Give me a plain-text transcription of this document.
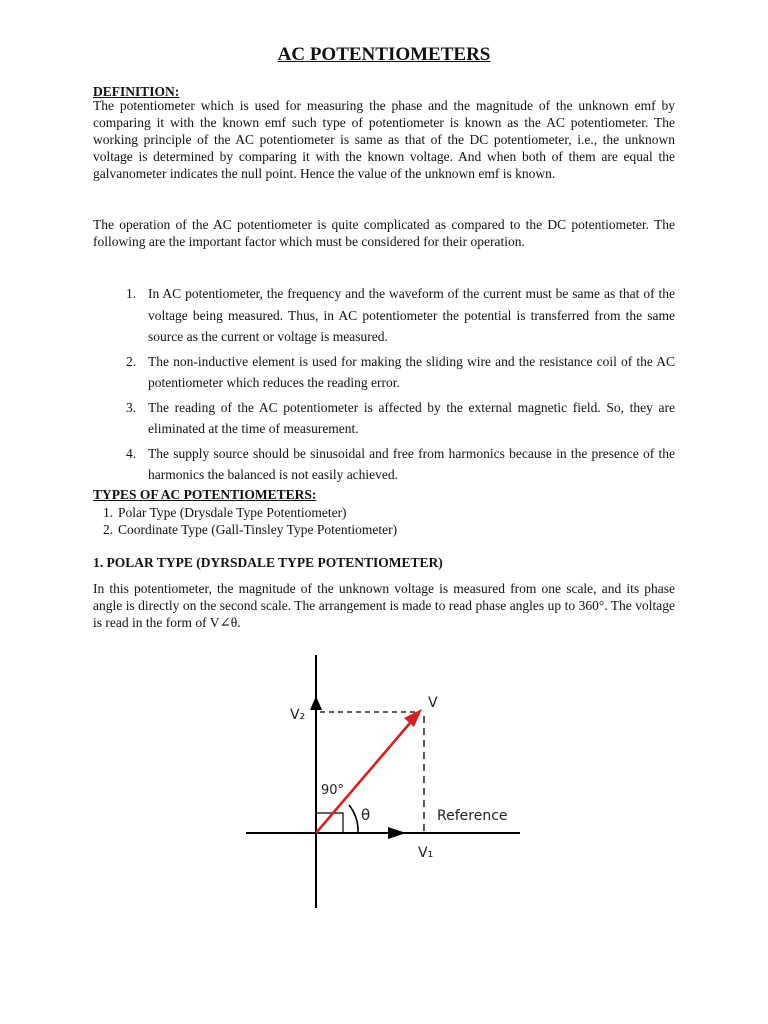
AC POTENTIOMETERS
DEFINITION:

The potentiometer which is used for measuring the phase and the magnitude of the unknown emf by comparing it with the known emf such type of potentiometer is known as the AC potentiometer. The working principle of the AC potentiometer is same as that of the DC potentiometer, i.e., the unknown voltage is determined by comparing it with the known voltage. And when both of them are equal the galvanometer indicates the null point. Hence the value of the unknown emf is known.

The operation of the AC potentiometer is quite complicated as compared to the DC potentiometer. The following are the important factor which must be considered for their operation.

1. In AC potentiometer, the frequency and the waveform of the current must be same as that of the voltage being measured. Thus, in AC potentiometer the potential is transferred from the same source as the current or voltage is measured.
2. The non-inductive element is used for making the sliding wire and the resistance coil of the AC potentiometer which reduces the reading error.
3. The reading of the AC potentiometer is affected by the external magnetic field. So, they are eliminated at the time of measurement.
4. The supply source should be sinusoidal and free from harmonics because in the presence of the harmonics the balanced is not easily achieved.
TYPES OF AC POTENTIOMETERS:
1. Polar Type (Drysdale Type Potentiometer)
2. Coordinate Type (Gall-Tinsley Type Potentiometer)
1. POLAR TYPE (DYRSDALE TYPE POTENTIOMETER)

In this potentiometer, the magnitude of the unknown voltage is measured from one scale, and its phase angle is directly on the second scale. The arrangement is made to read phase angles up to 360°. The voltage is read in the form of V∠θ.

V
V₂
90°
θ	Reference
V₁
